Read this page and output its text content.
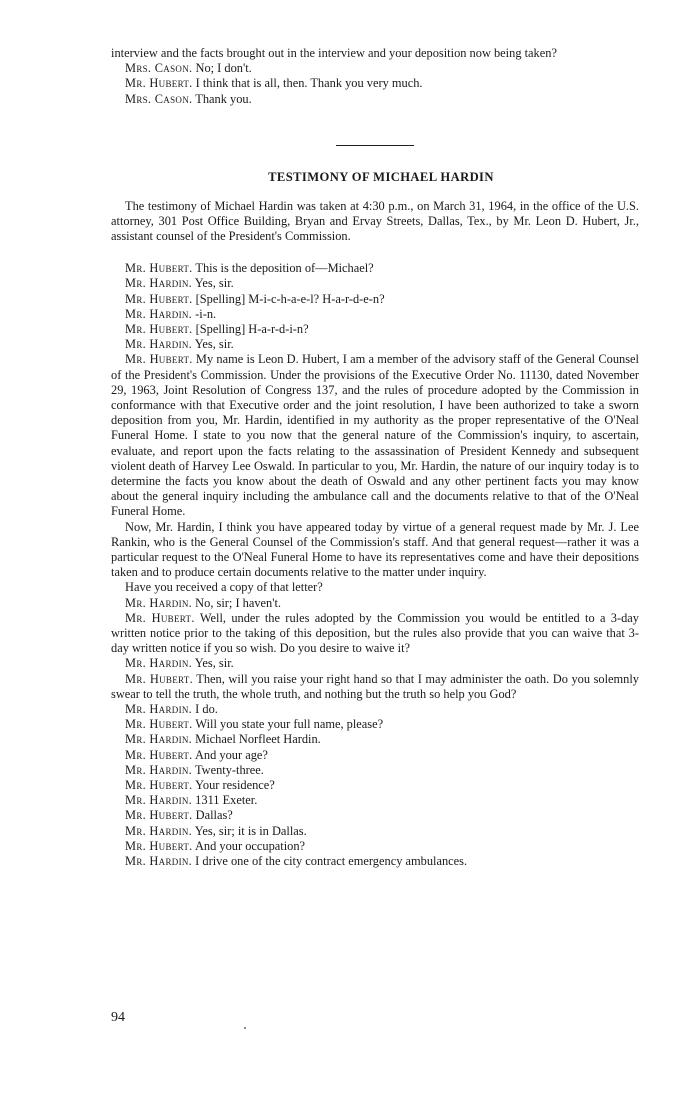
interview and the facts brought out in the interview and your deposition now being taken?

Mrs. Cason. No; I don't.

Mr. Hubert. I think that is all, then. Thank you very much.

Mrs. Cason. Thank you.

TESTIMONY OF MICHAEL HARDIN

The testimony of Michael Hardin was taken at 4:30 p.m., on March 31, 1964, in the office of the U.S. attorney, 301 Post Office Building, Bryan and Ervay Streets, Dallas, Tex., by Mr. Leon D. Hubert, Jr., assistant counsel of the President's Commission.

Mr. Hubert. This is the deposition of—Michael?

Mr. Hardin. Yes, sir.

Mr. Hubert. [Spelling] M-i-c-h-a-e-l? H-a-r-d-e-n?

Mr. Hardin. -i-n.

Mr. Hubert. [Spelling] H-a-r-d-i-n?

Mr. Hardin. Yes, sir.

Mr. Hubert. My name is Leon D. Hubert, I am a member of the advisory staff of the General Counsel of the President's Commission. Under the provisions of the Executive Order No. 11130, dated November 29, 1963, Joint Resolution of Congress 137, and the rules of procedure adopted by the Commission in conformance with that Executive order and the joint resolution, I have been authorized to take a sworn deposition from you, Mr. Hardin, identified in my authority as the proper representative of the O'Neal Funeral Home. I state to you now that the general nature of the Commission's inquiry, to ascertain, evaluate, and report upon the facts relating to the assassination of President Kennedy and subsequent violent death of Harvey Lee Oswald. In particular to you, Mr. Hardin, the nature of our inquiry today is to determine the facts you know about the death of Oswald and any other pertinent facts you may know about the general inquiry including the ambulance call and the documents relative to that of the O'Neal Funeral Home.

Now, Mr. Hardin, I think you have appeared today by virtue of a general request made by Mr. J. Lee Rankin, who is the General Counsel of the Commission's staff. And that general request—rather it was a particular request to the O'Neal Funeral Home to have its representatives come and have their depositions taken and to produce certain documents relative to the matter under inquiry.

Have you received a copy of that letter?

Mr. Hardin. No, sir; I haven't.

Mr. Hubert. Well, under the rules adopted by the Commission you would be entitled to a 3-day written notice prior to the taking of this deposition, but the rules also provide that you can waive that 3-day written notice if you so wish. Do you desire to waive it?

Mr. Hardin. Yes, sir.

Mr. Hubert. Then, will you raise your right hand so that I may administer the oath. Do you solemnly swear to tell the truth, the whole truth, and nothing but the truth so help you God?

Mr. Hardin. I do.

Mr. Hubert. Will you state your full name, please?

Mr. Hardin. Michael Norfleet Hardin.

Mr. Hubert. And your age?

Mr. Hardin. Twenty-three.

Mr. Hubert. Your residence?

Mr. Hardin. 1311 Exeter.

Mr. Hubert. Dallas?

Mr. Hardin. Yes, sir; it is in Dallas.

Mr. Hubert. And your occupation?

Mr. Hardin. I drive one of the city contract emergency ambulances.

94
